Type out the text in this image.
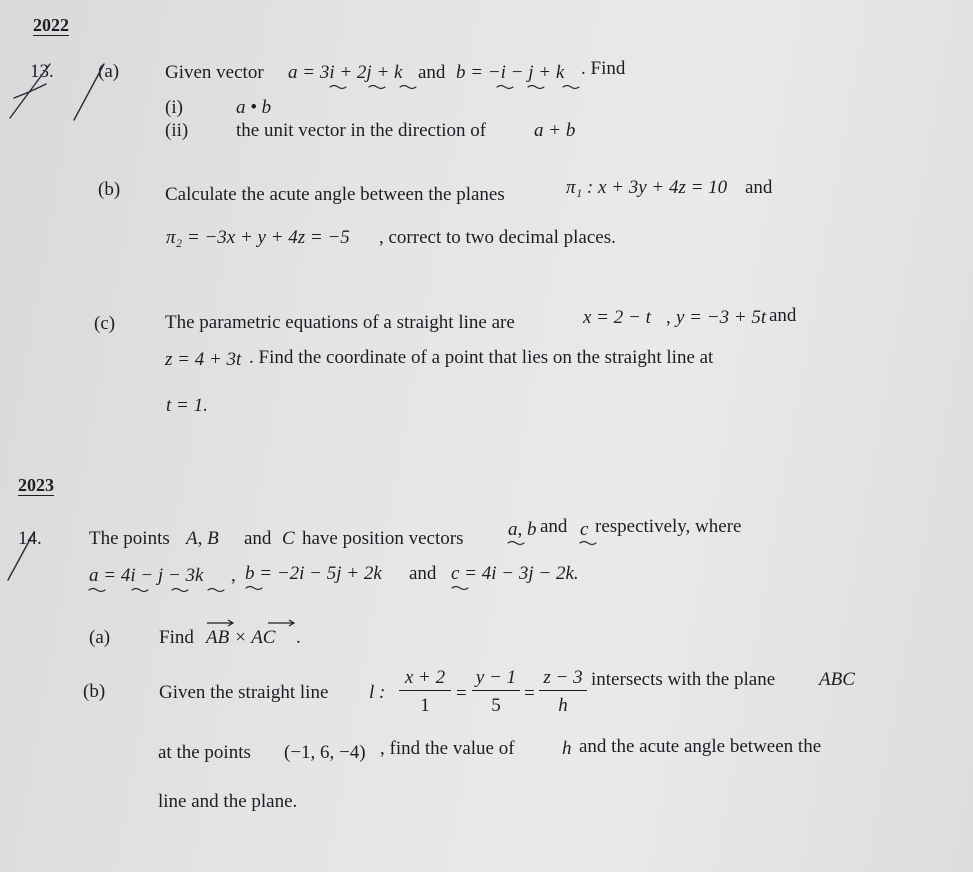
2022
13. (a) Given vector a = 3i + 2j + k and b = −i − j + k . Find
(i)	a • b
(ii)	the unit vector in the direction of	a + b
(b) Calculate the acute angle between the planes	π₁ : x + 3y + 4z = 10 and
π₂ = −3x + y + 4z = −5 , correct to two decimal places.
(c)	The parametric equations of a straight line are	x = 2 − t , y = −3 + 5t and
z = 4 + 3t . Find the coordinate of a point that lies on the straight line at
t = 1.
2023
14. The points A, B and C have position vectors a, b and c respectively, where
a = 4i − j − 3k , b = −2i − 5j + 2k and c = 4i − 3j − 2k.
(a)	Find AB × AC .
(b)	Given the straight line l : $\frac{x + 2}{1} = \frac{y - 1}{5} = \frac{z - 3}{h}$ intersects with the plane ABC
at the points (−1, 6, −4) , find the value of h and the acute angle between the
line and the plane.
